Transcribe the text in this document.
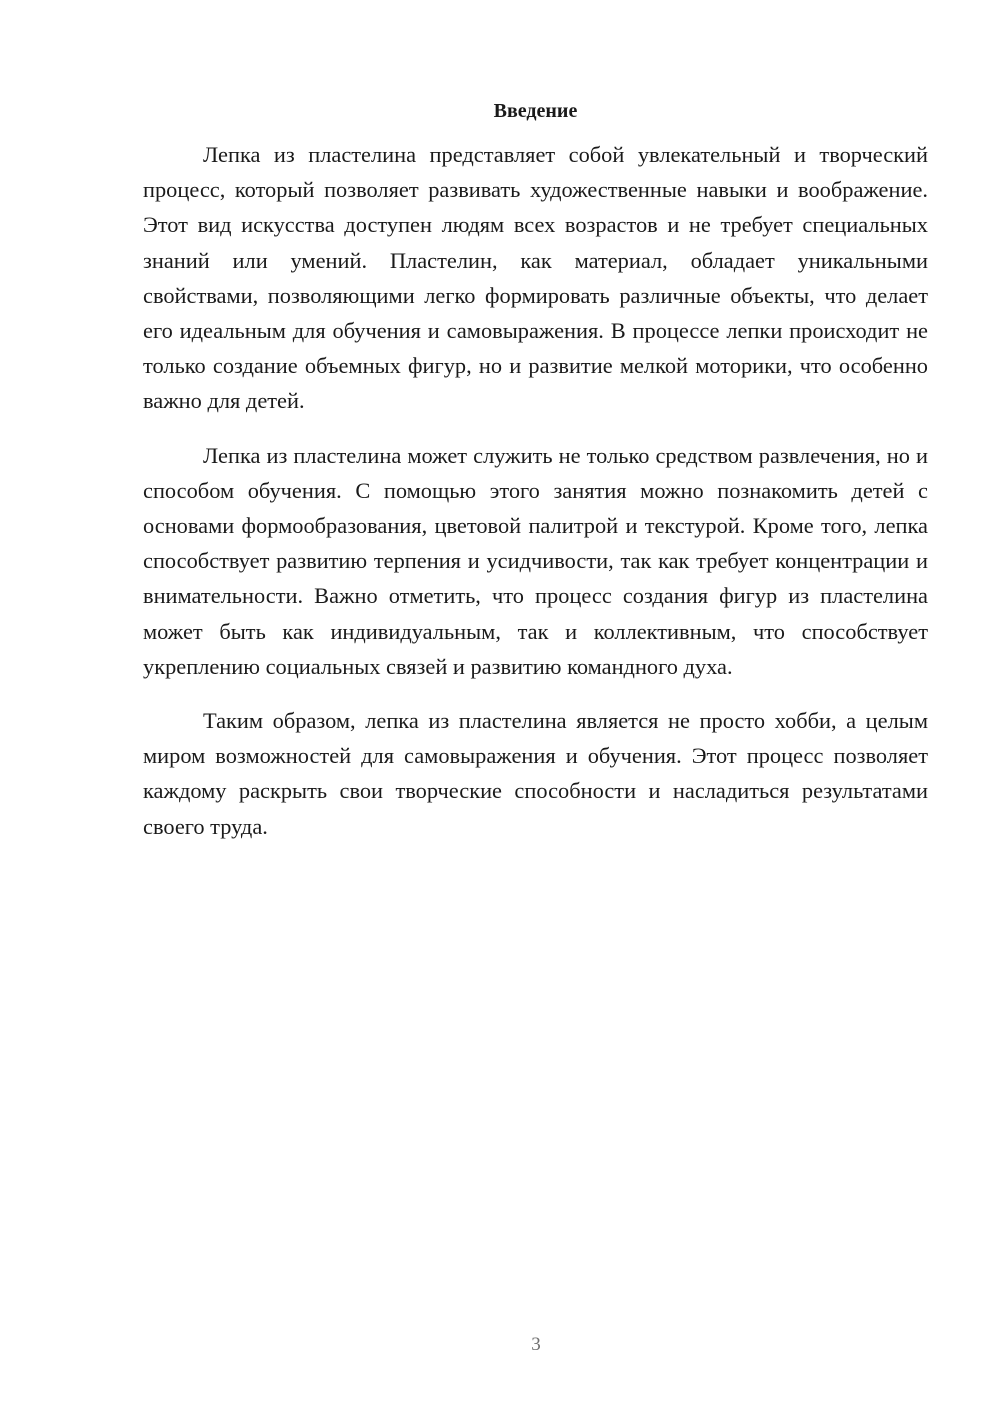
Введение

Лепка из пластелина представляет собой увлекательный и творческий процесс, который позволяет развивать художественные навыки и воображение. Этот вид искусства доступен людям всех возрастов и не требует специальных знаний или умений. Пластелин, как материал, обладает уникальными свойствами, позволяющими легко формировать различные объекты, что делает его идеальным для обучения и самовыражения. В процессе лепки происходит не только создание объемных фигур, но и развитие мелкой моторики, что особенно важно для детей.

Лепка из пластелина может служить не только средством развлечения, но и способом обучения. С помощью этого занятия можно познакомить детей с основами формообразования, цветовой палитрой и текстурой. Кроме того, лепка способствует развитию терпения и усидчивости, так как требует концентрации и внимательности. Важно отметить, что процесс создания фигур из пластелина может быть как индивидуальным, так и коллективным, что способствует укреплению социальных связей и развитию командного духа.

Таким образом, лепка из пластелина является не просто хобби, а целым миром возможностей для самовыражения и обучения. Этот процесс позволяет каждому раскрыть свои творческие способности и насладиться результатами своего труда.

3
